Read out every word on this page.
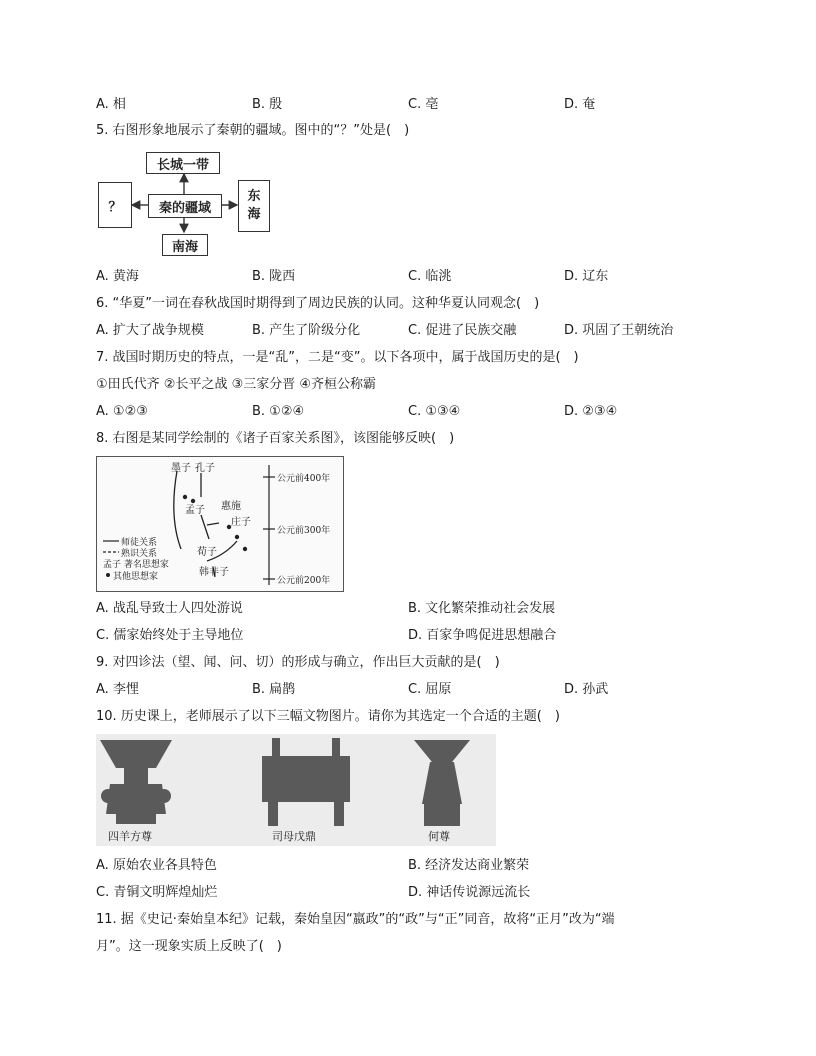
A. 相	B. 殷	C. 亳	D. 奄
5. 右图形象地展示了秦朝的疆域。图中的“？”处是(　)
长城一带
秦的疆域
？
东
海
南海
A. 黄海	B. 陇西	C. 临洮	D. 辽东
6. “华夏”一词在春秋战国时期得到了周边民族的认同。这种华夏认同观念(　)
A. 扩大了战争规模	B. 产生了阶级分化	C. 促进了民族交融	D. 巩固了王朝统治
7. 战国时期历史的特点，一是“乱”，二是“变”。以下各项中，属于战国历史的是(　)
①田氏代齐 ②长平之战 ③三家分晋 ④齐桓公称霸
A. ①②③	B. ①②④	C. ①③④	D. ②③④
8. 右图是某同学绘制的《诸子百家关系图》，该图能够反映(　)
墨子 孔子
孟子 惠施
庄子
荀子
韩非子
公元前400年
公元前300年
公元前200年
师徒关系
熟识关系
孟子 著名思想家
其他思想家
A. 战乱导致士人四处游说	B. 文化繁荣推动社会发展
C. 儒家始终处于主导地位	D. 百家争鸣促进思想融合
9. 对四诊法（望、闻、问、切）的形成与确立，作出巨大贡献的是(　)
A. 李悝	B. 扁鹊	C. 屈原	D. 孙武
10. 历史课上，老师展示了以下三幅文物图片。请你为其选定一个合适的主题(　)
四羊方尊	司母戊鼎	何尊
A. 原始农业各具特色	B. 经济发达商业繁荣
C. 青铜文明辉煌灿烂	D. 神话传说源远流长
11. 据《史记·秦始皇本纪》记载，秦始皇因“嬴政”的“政”与“正”同音，故将“正月”改为“端
月”。这一现象实质上反映了(　)
